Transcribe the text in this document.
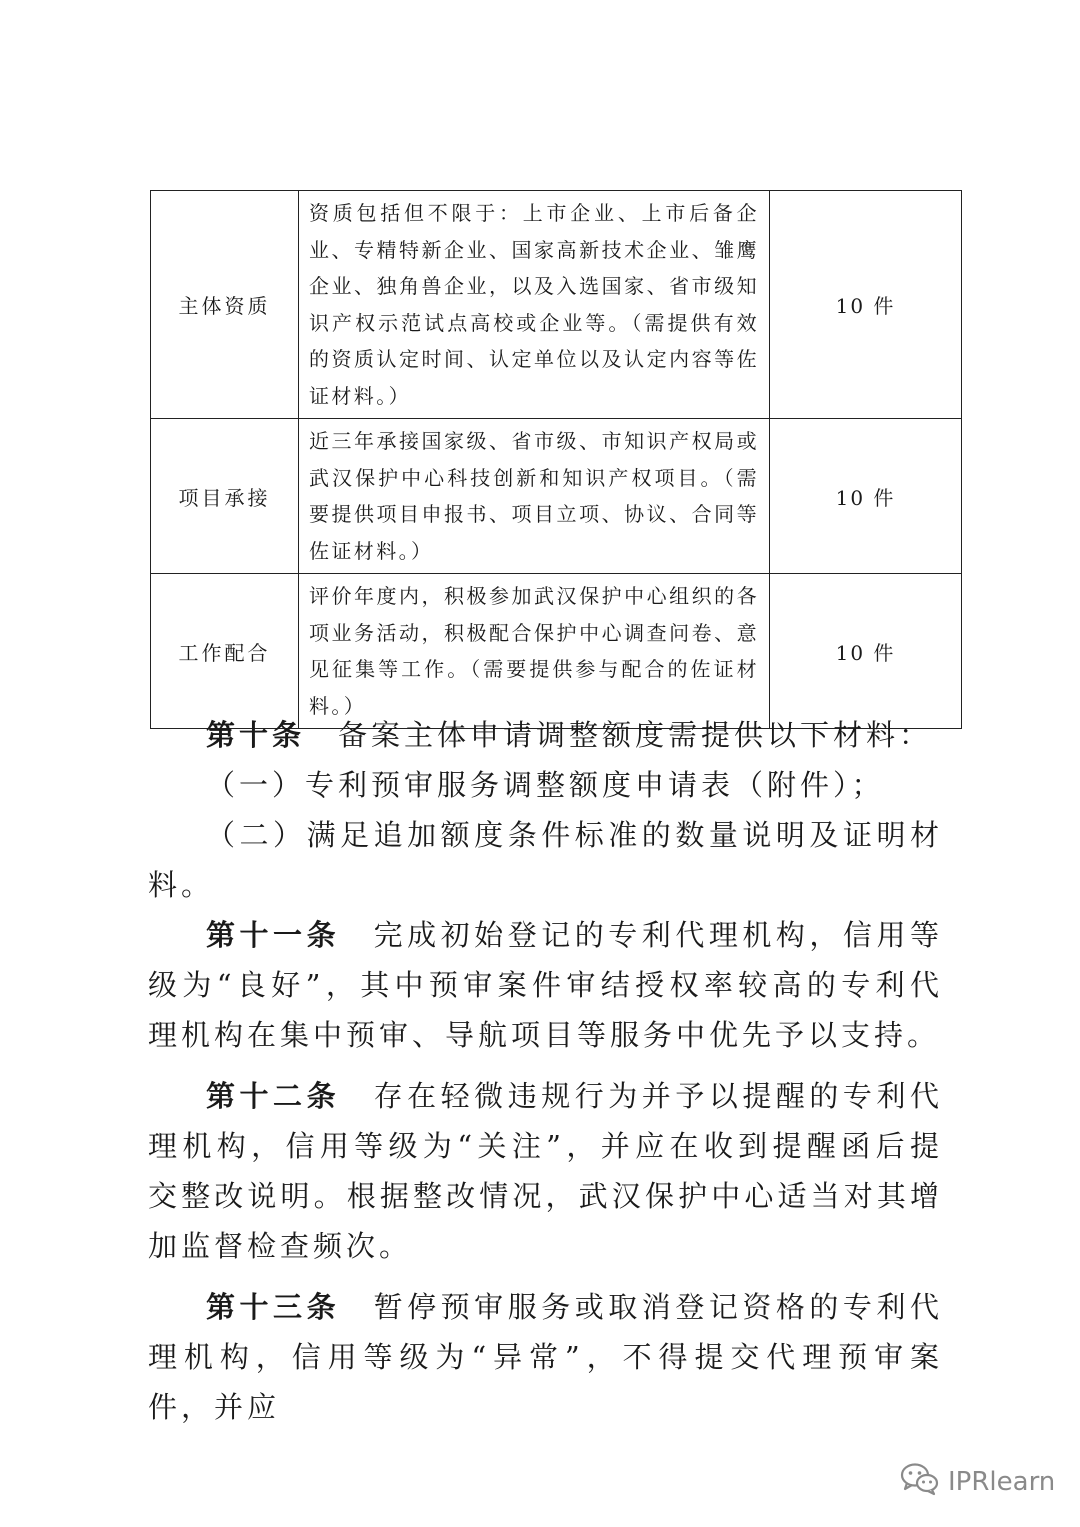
主体资质	资质包括但不限于：上市企业、上市后备企业、专精特新企业、国家高新技术企业、雏鹰企业、独角兽企业，以及入选国家、省市级知识产权示范试点高校或企业等。（需提供有效的资质认定时间、认定单位以及认定内容等佐证材料。）	10 件
项目承接	近三年承接国家级、省市级、市知识产权局或武汉保护中心科技创新和知识产权项目。（需要提供项目申报书、项目立项、协议、合同等佐证材料。）	10 件
工作配合	评价年度内，积极参加武汉保护中心组织的各项业务活动，积极配合保护中心调查问卷、意见征集等工作。（需要提供参与配合的佐证材料。）	10 件

第十条　备案主体申请调整额度需提供以下材料：

（一）专利预审服务调整额度申请表（附件）；

（二）满足追加额度条件标准的数量说明及证明材料。

第十一条　完成初始登记的专利代理机构，信用等级为“良好”，其中预审案件审结授权率较高的专利代理机构在集中预审、导航项目等服务中优先予以支持。

第十二条　存在轻微违规行为并予以提醒的专利代理机构，信用等级为“关注”，并应在收到提醒函后提交整改说明。根据整改情况，武汉保护中心适当对其增加监督检查频次。

第十三条　暂停预审服务或取消登记资格的专利代理机构，信用等级为“异常”，不得提交代理预审案件，并应

IPRlearn
